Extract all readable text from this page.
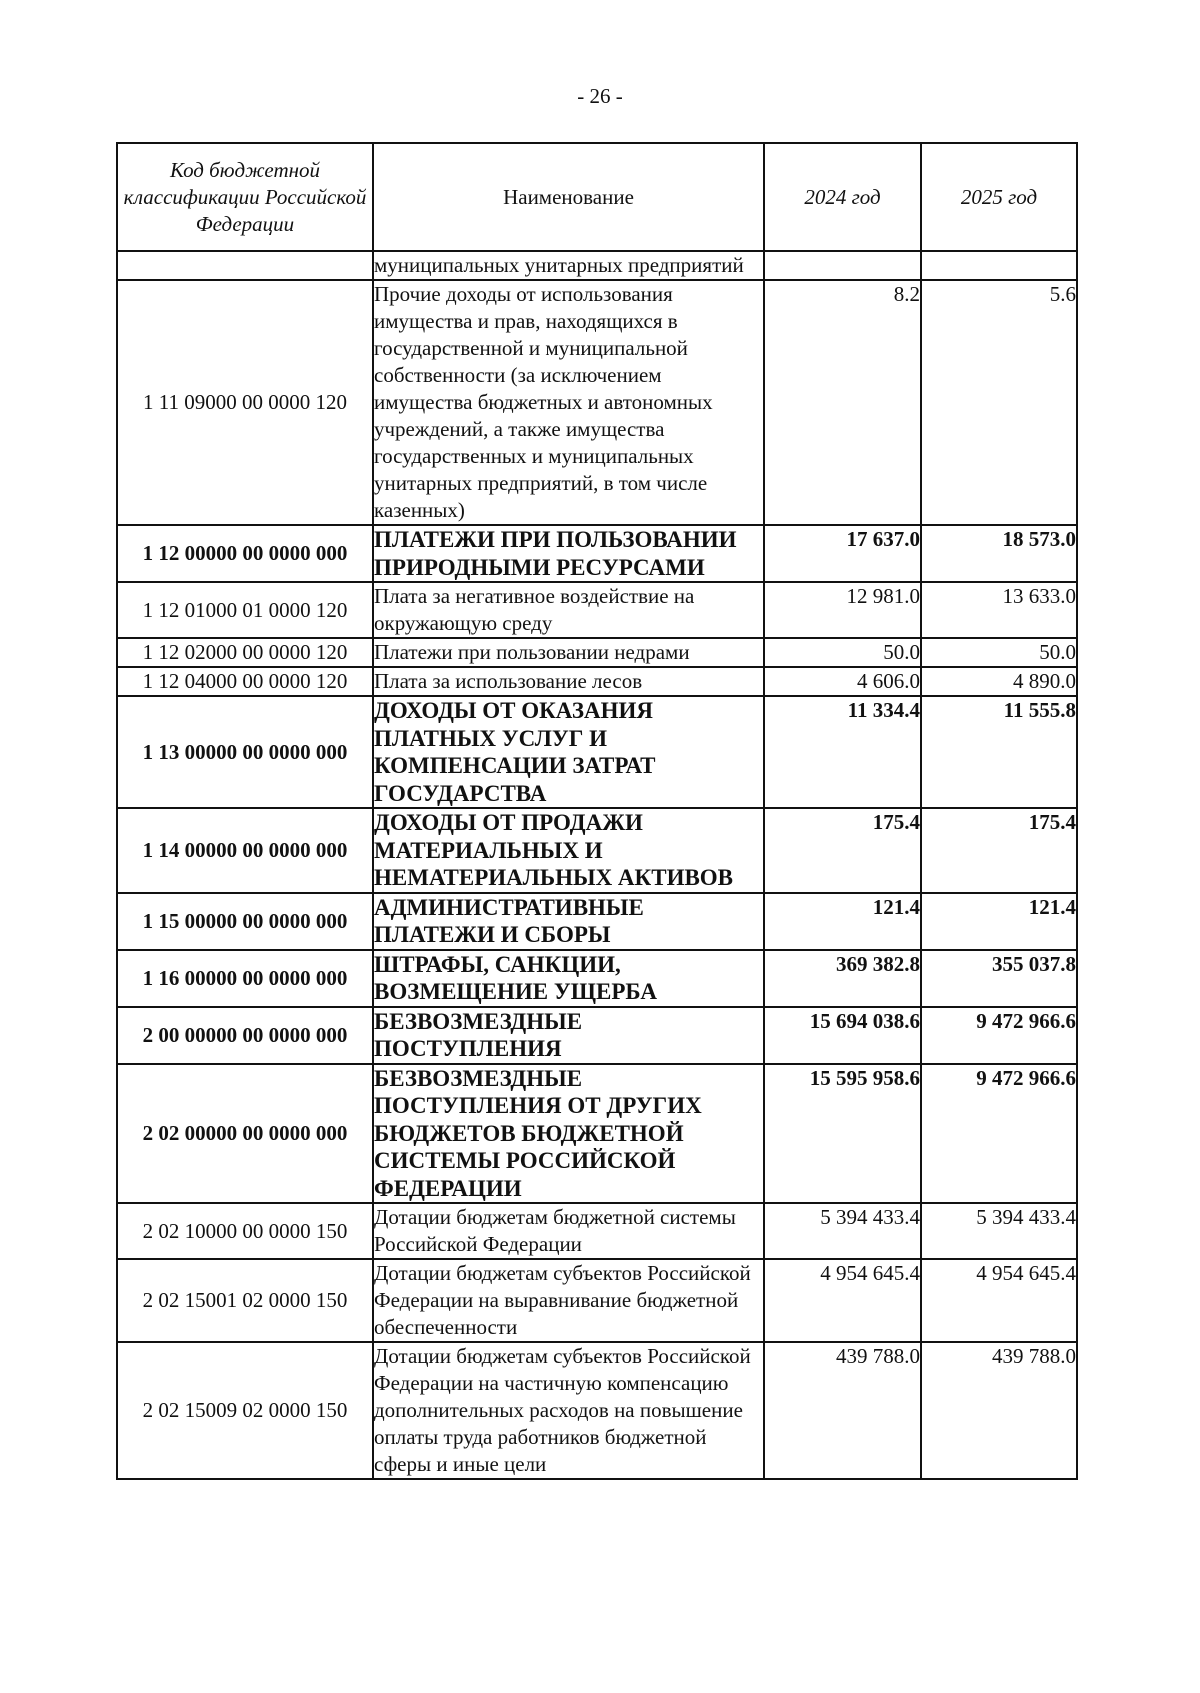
- 26 -
Код бюджетной классификации Российской Федерации	Наименование	2024 год	2025 год
	муниципальных унитарных предприятий		
1 11 09000 00 0000 120	Прочие доходы от использования имущества и прав, находящихся в государственной и муниципальной собственности (за исключением имущества бюджетных и автономных учреждений, а также имущества государственных и муниципальных унитарных предприятий, в том числе казенных)	8.2	5.6
1 12 00000 00 0000 000	ПЛАТЕЖИ ПРИ ПОЛЬЗОВАНИИ ПРИРОДНЫМИ РЕСУРСАМИ	17 637.0	18 573.0
1 12 01000 01 0000 120	Плата за негативное воздействие на окружающую среду	12 981.0	13 633.0
1 12 02000 00 0000 120	Платежи при пользовании недрами	50.0	50.0
1 12 04000 00 0000 120	Плата за использование лесов	4 606.0	4 890.0
1 13 00000 00 0000 000	ДОХОДЫ ОТ ОКАЗАНИЯ ПЛАТНЫХ УСЛУГ И КОМПЕНСАЦИИ ЗАТРАТ ГОСУДАРСТВА	11 334.4	11 555.8
1 14 00000 00 0000 000	ДОХОДЫ ОТ ПРОДАЖИ МАТЕРИАЛЬНЫХ И НЕМАТЕРИАЛЬНЫХ АКТИВОВ	175.4	175.4
1 15 00000 00 0000 000	АДМИНИСТРАТИВНЫЕ ПЛАТЕЖИ И СБОРЫ	121.4	121.4
1 16 00000 00 0000 000	ШТРАФЫ, САНКЦИИ, ВОЗМЕЩЕНИЕ УЩЕРБА	369 382.8	355 037.8
2 00 00000 00 0000 000	БЕЗВОЗМЕЗДНЫЕ ПОСТУПЛЕНИЯ	15 694 038.6	9 472 966.6
2 02 00000 00 0000 000	БЕЗВОЗМЕЗДНЫЕ ПОСТУПЛЕНИЯ ОТ ДРУГИХ БЮДЖЕТОВ БЮДЖЕТНОЙ СИСТЕМЫ РОССИЙСКОЙ ФЕДЕРАЦИИ	15 595 958.6	9 472 966.6
2 02 10000 00 0000 150	Дотации бюджетам бюджетной системы Российской Федерации	5 394 433.4	5 394 433.4
2 02 15001 02 0000 150	Дотации бюджетам субъектов Российской Федерации на выравнивание бюджетной обеспеченности	4 954 645.4	4 954 645.4
2 02 15009 02 0000 150	Дотации бюджетам субъектов Российской Федерации на частичную компенсацию дополнительных расходов на повышение оплаты труда работников бюджетной сферы и иные цели	439 788.0	439 788.0
